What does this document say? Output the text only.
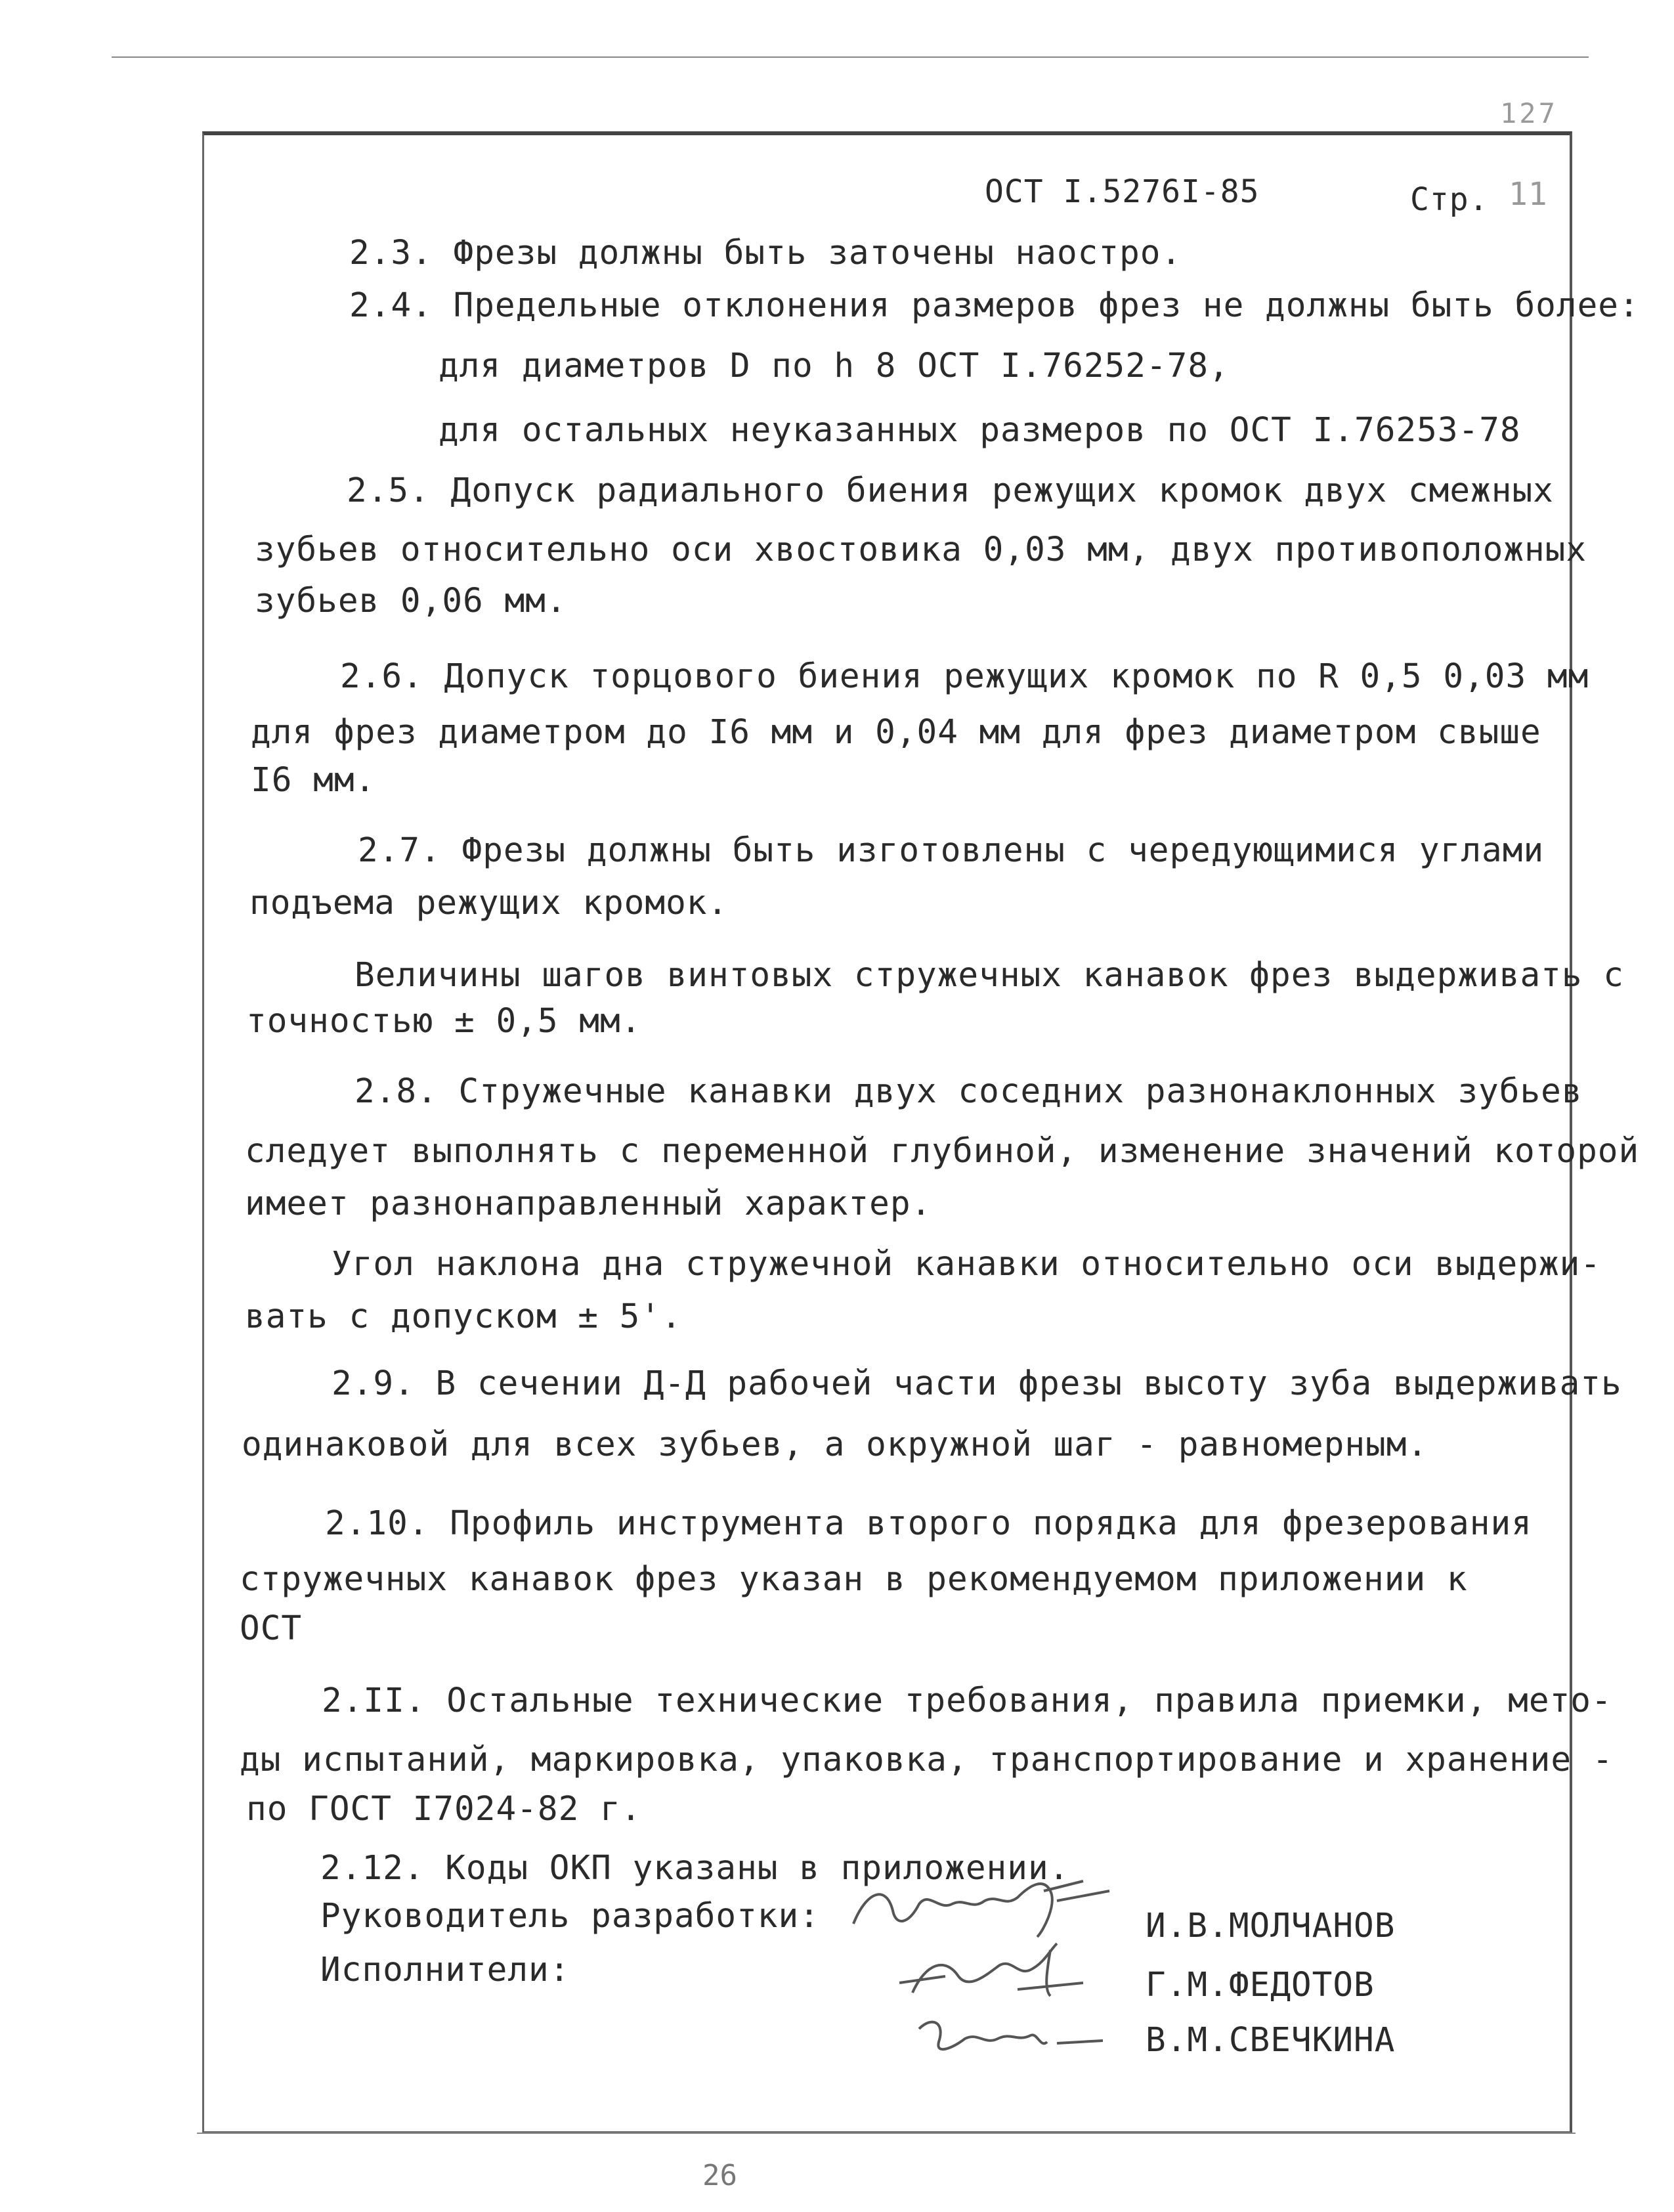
127
ОСТ I.5276I-85	Стр. 11
2.3. Фрезы должны быть заточены наостро.
2.4. Предельные отклонения размеров фрез не должны быть более:
для диаметров D по h 8 ОСТ I.76252-78,
для остальных неуказанных размеров по ОСТ I.76253-78
2.5. Допуск радиального биения режущих кромок двух смежных
зубьев относительно оси хвостовика 0,03 мм, двух противоположных
зубьев 0,06 мм.
2.6. Допуск торцового биения режущих кромок по R 0,5 0,03 мм
для фрез диаметром до I6 мм и 0,04 мм для фрез диаметром свыше
I6 мм.
2.7. Фрезы должны быть изготовлены с чередующимися углами
подъема режущих кромок.
Величины шагов винтовых стружечных канавок фрез выдерживать с
точностью ± 0,5 мм.
2.8. Стружечные канавки двух соседних разнонаклонных зубьев
следует выполнять с переменной глубиной, изменение значений которой
имеет разнонаправленный характер.
Угол наклона дна стружечной канавки относительно оси выдержи-
вать с допуском ± 5'.
2.9. В сечении Д-Д рабочей части фрезы высоту зуба выдерживать
одинаковой для всех зубьев, а окружной шаг - равномерным.
2.10. Профиль инструмента второго порядка для фрезерования
стружечных канавок фрез указан в рекомендуемом приложении к
ОСТ
2.II. Остальные технические требования, правила приемки, мето-
ды испытаний, маркировка, упаковка, транспортирование и хранение -
по ГОСТ I7024-82 г.
2.12. Коды ОКП указаны в приложении.
Руководитель разработки:
Исполнители:
И.В.МОЛЧАНОВ
Г.М.ФЕДОТОВ
В.М.СВЕЧКИНА
26
